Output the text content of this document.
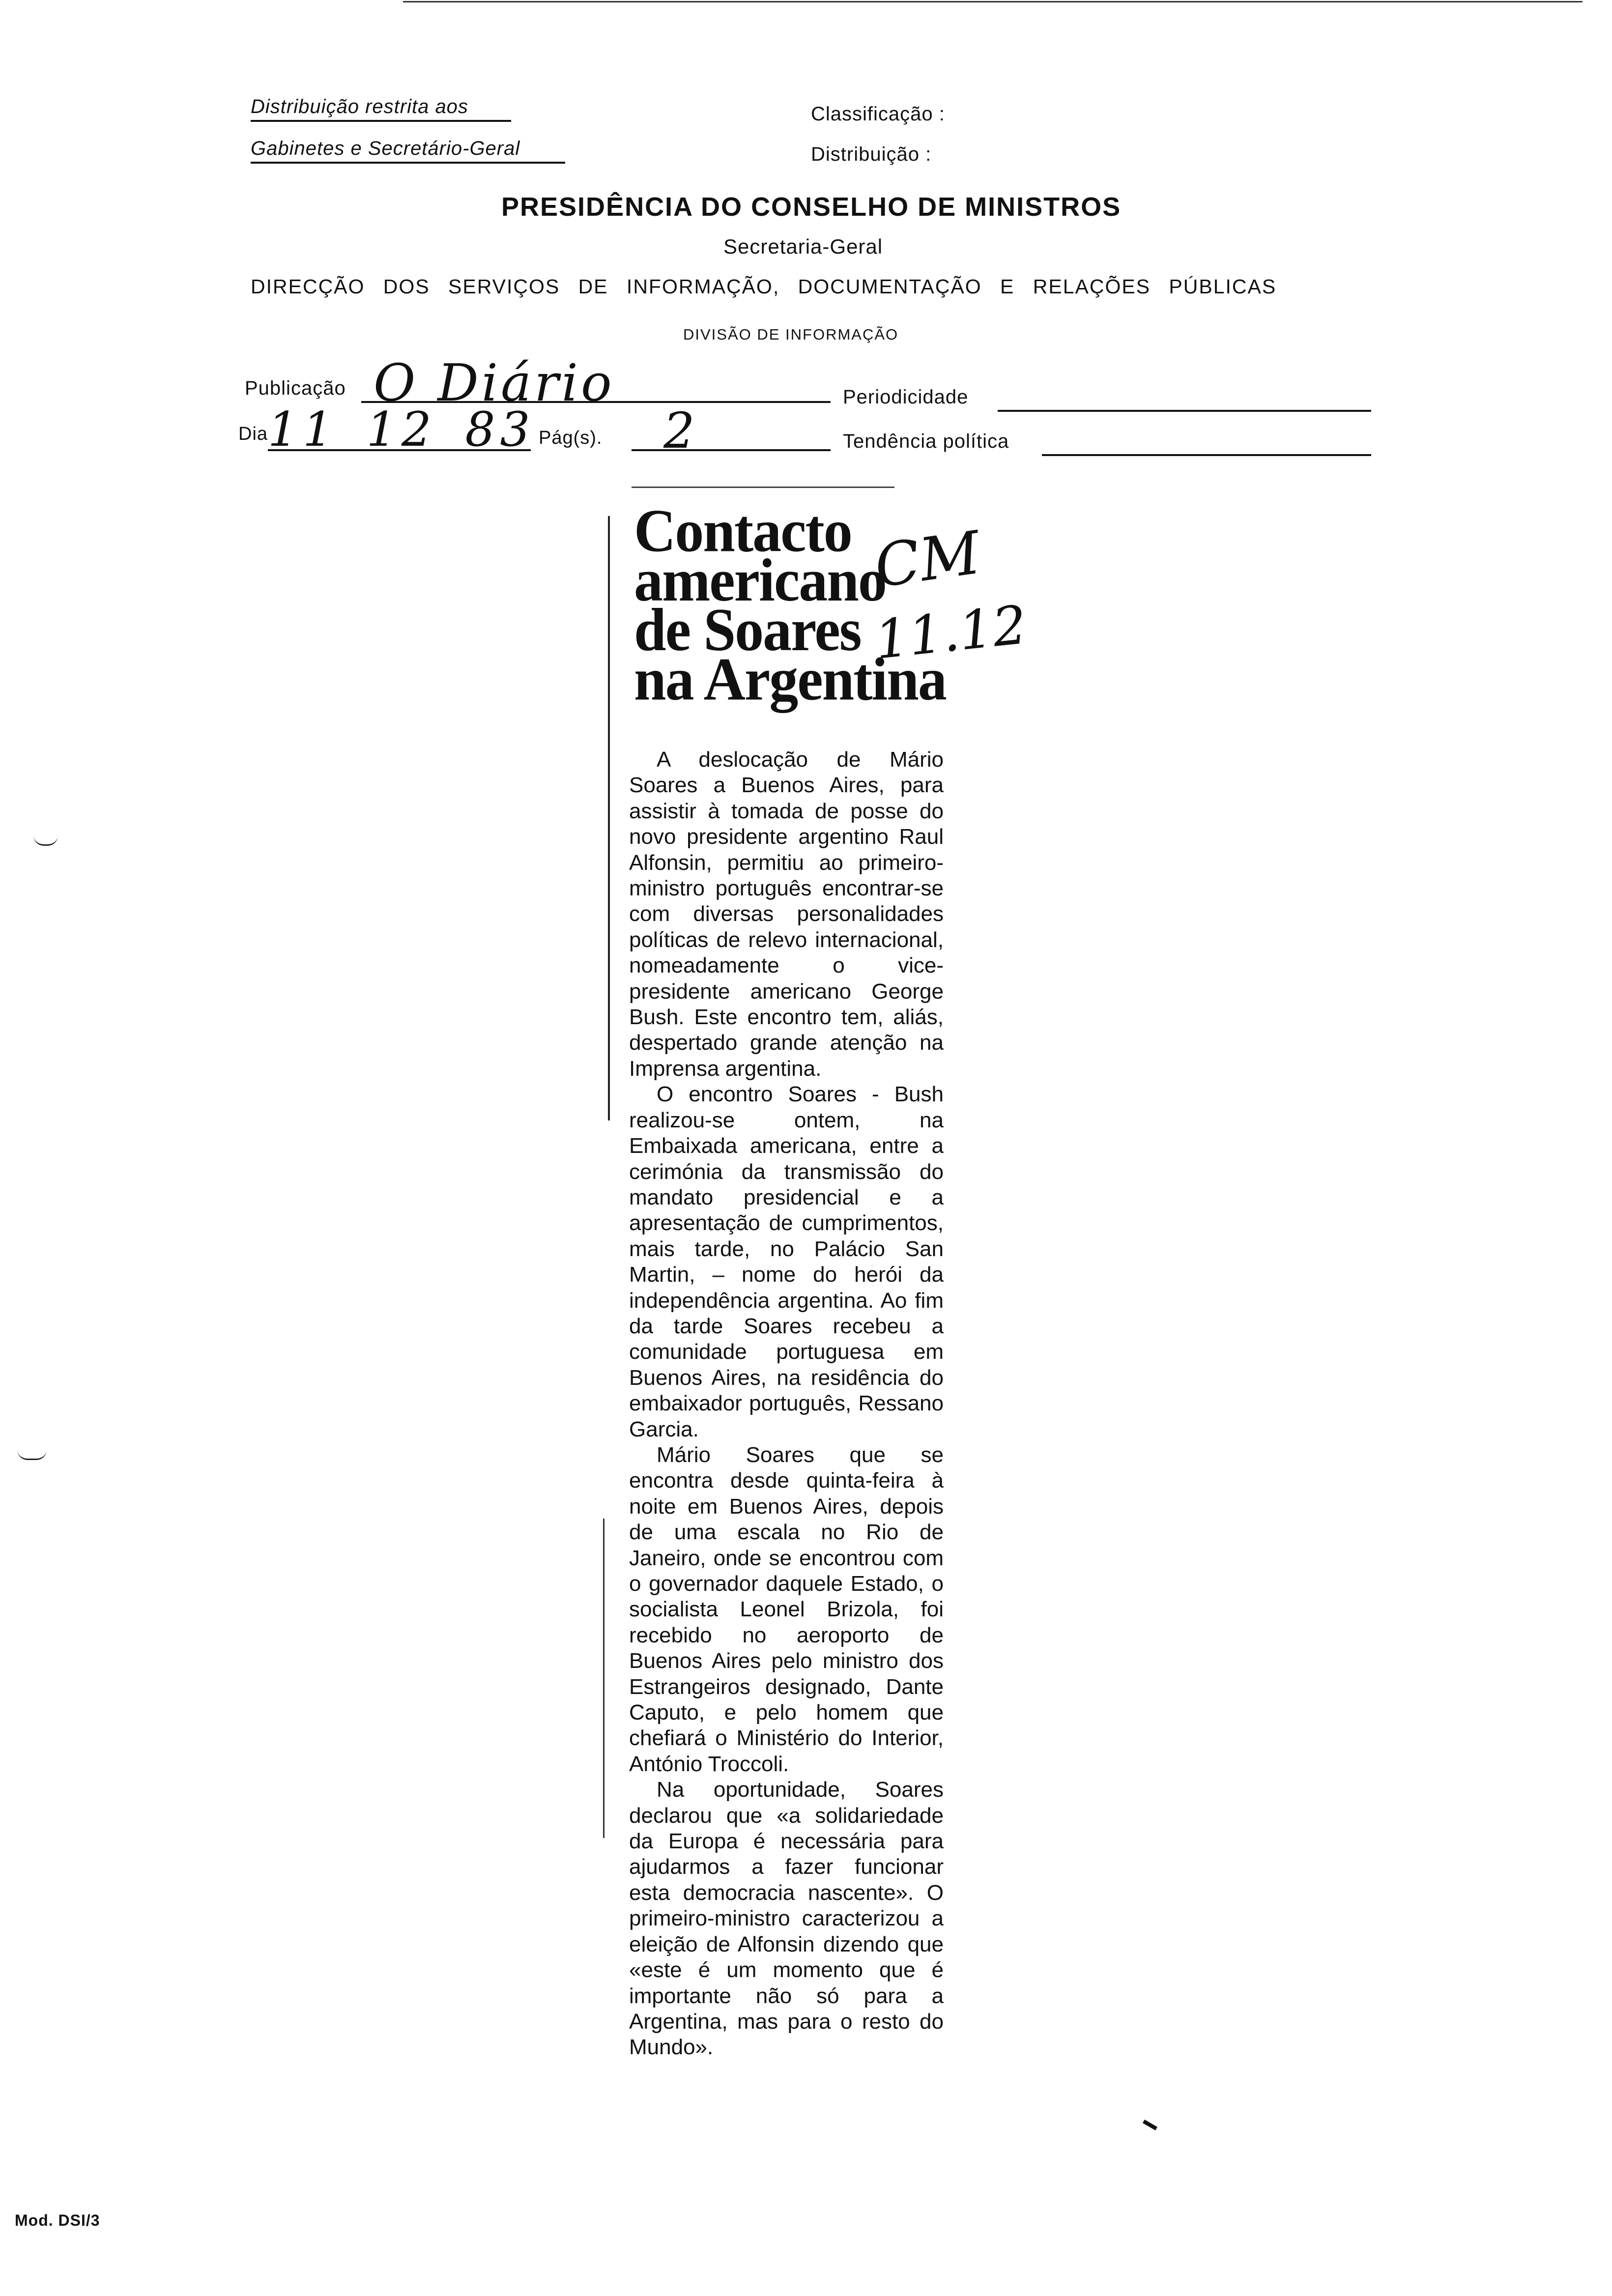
Distribuição restrita aos
Gabinetes e Secretário-Geral
Classificação :
Distribuição :
PRESIDÊNCIA DO CONSELHO DE MINISTROS
Secretaria-Geral
DIRECÇÃO DOS SERVIÇOS DE INFORMAÇÃO, DOCUMENTAÇÃO E RELAÇÕES PÚBLICAS
DIVISÃO DE INFORMAÇÃO
Publicação O Diário	Periodicidade
Dia 11 12 83 Pág(s). 2	Tendência política
Contacto
americano
de Soares
na Argentina
CM
11.12

A deslocação de Mário Soares a Buenos Aires, para assistir à tomada de posse do novo presidente argentino Raul Alfonsin, permitiu ao primeiro-ministro português encontrar-se com diversas personalidades políticas de relevo internacional, nomeadamente o vice-presidente americano George Bush. Este encontro tem, aliás, despertado grande atenção na Imprensa argentina.

O encontro Soares - Bush realizou-se ontem, na Embaixada americana, entre a cerimónia da transmissão do mandato presidencial e a apresentação de cumprimentos, mais tarde, no Palácio San Martin, – nome do herói da independência argentina. Ao fim da tarde Soares recebeu a comunidade portuguesa em Buenos Aires, na residência do embaixador português, Ressano Garcia.

Mário Soares que se encontra desde quinta-feira à noite em Buenos Aires, depois de uma escala no Rio de Janeiro, onde se encontrou com o governador daquele Estado, o socialista Leonel Brizola, foi recebido no aeroporto de Buenos Aires pelo ministro dos Estrangeiros designado, Dante Caputo, e pelo homem que chefiará o Ministério do Interior, António Troccoli.

Na oportunidade, Soares declarou que «a solidariedade da Europa é necessária para ajudarmos a fazer funcionar esta democracia nascente». O primeiro-ministro caracterizou a eleição de Alfonsin dizendo que «este é um momento que é importante não só para a Argentina, mas para o resto do Mundo».

Mod. DSI/3
